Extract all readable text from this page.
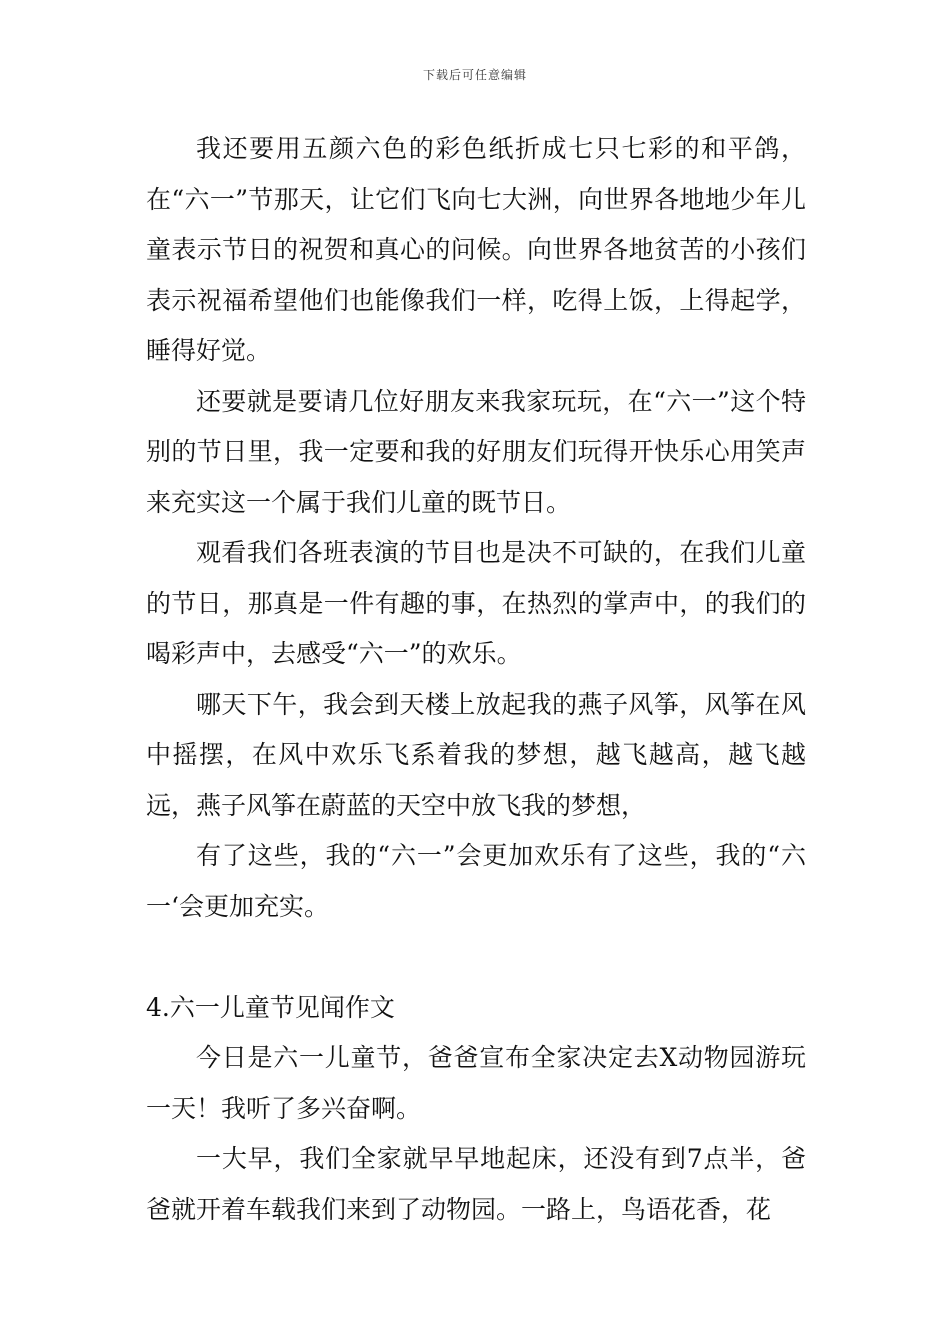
下载后可任意编辑

我还要用五颜六色的彩色纸折成七只七彩的和平鸽，在“六一”节那天，让它们飞向七大洲，向世界各地地少年儿童表示节日的祝贺和真心的问候。向世界各地贫苦的小孩们表示祝福希望他们也能像我们一样，吃得上饭，上得起学，睡得好觉。

还要就是要请几位好朋友来我家玩玩，在“六一”这个特别的节日里，我一定要和我的好朋友们玩得开快乐心用笑声来充实这一个属于我们儿童的既节日。

观看我们各班表演的节目也是决不可缺的，在我们儿童的节日，那真是一件有趣的事，在热烈的掌声中，的我们的喝彩声中，去感受“六一”的欢乐。

哪天下午，我会到天楼上放起我的燕子风筝，风筝在风中摇摆，在风中欢乐飞系着我的梦想，越飞越高，越飞越远，燕子风筝在蔚蓝的天空中放飞我的梦想，

有了这些，我的“六一”会更加欢乐有了这些，我的“六一‘会更加充实。

4.六一儿童节见闻作文

今日是六一儿童节，爸爸宣布全家决定去X动物园游玩一天！我听了多兴奋啊。

一大早，我们全家就早早地起床，还没有到7点半，爸爸就开着车载我们来到了动物园。一路上，鸟语花香，花
